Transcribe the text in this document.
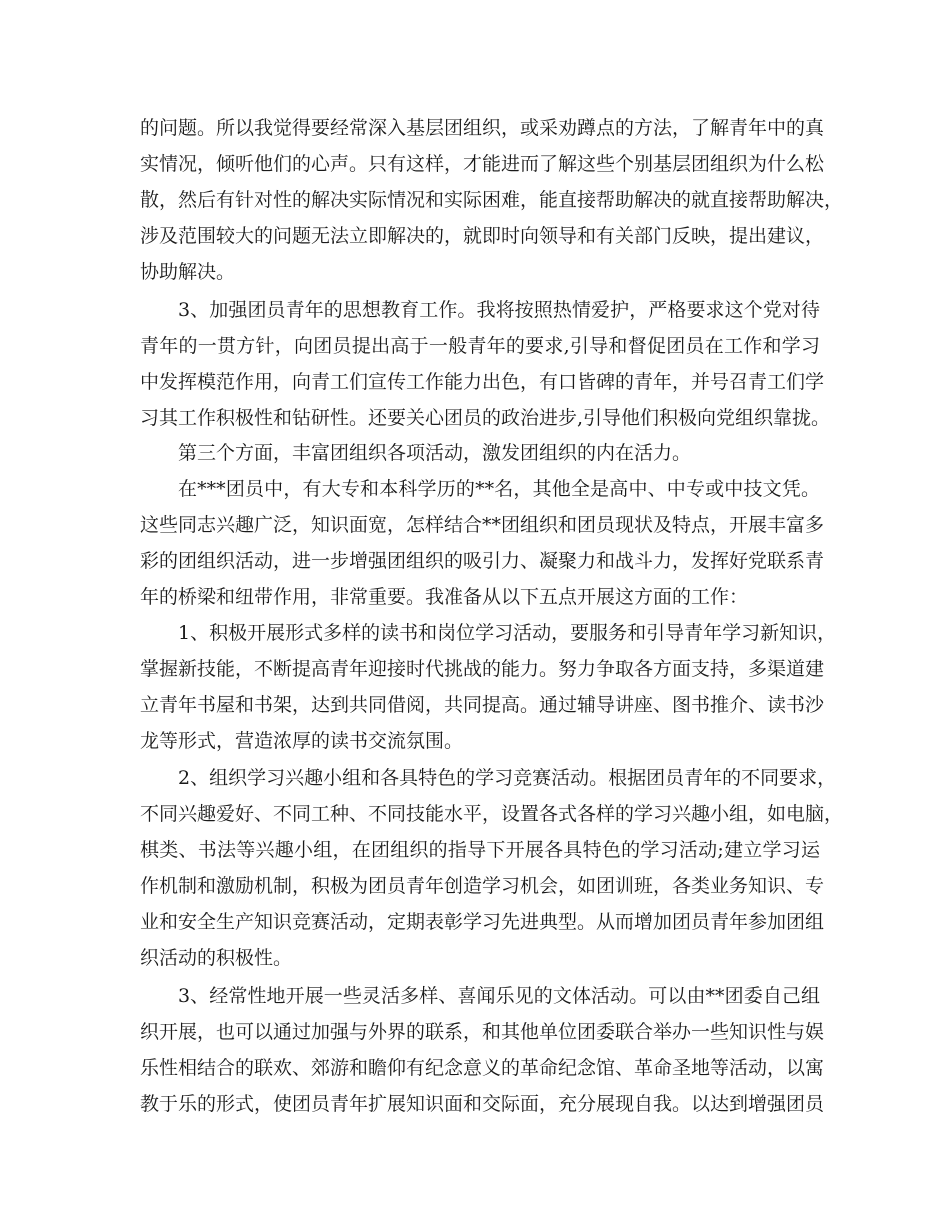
的问题。所以我觉得要经常深入基层团组织，或采劝蹲点的方法，了解青年中的真
实情况，倾听他们的心声。只有这样，才能进而了解这些个别基层团组织为什么松
散，然后有针对性的解决实际情况和实际困难，能直接帮助解决的就直接帮助解决，
涉及范围较大的问题无法立即解决的，就即时向领导和有关部门反映，提出建议，
协助解决。
3、加强团员青年的思想教育工作。我将按照热情爱护，严格要求这个党对待
青年的一贯方针，向团员提出高于一般青年的要求,引导和督促团员在工作和学习
中发挥模范作用，向青工们宣传工作能力出色，有口皆碑的青年，并号召青工们学
习其工作积极性和钻研性。还要关心团员的政治进步,引导他们积极向党组织靠拢。
第三个方面，丰富团组织各项活动，激发团组织的内在活力。
在***团员中，有大专和本科学历的**名，其他全是高中、中专或中技文凭。
这些同志兴趣广泛，知识面宽，怎样结合**团组织和团员现状及特点，开展丰富多
彩的团组织活动，进一步增强团组织的吸引力、凝聚力和战斗力，发挥好党联系青
年的桥梁和纽带作用，非常重要。我准备从以下五点开展这方面的工作：
1、积极开展形式多样的读书和岗位学习活动，要服务和引导青年学习新知识，
掌握新技能，不断提高青年迎接时代挑战的能力。努力争取各方面支持，多渠道建
立青年书屋和书架，达到共同借阅，共同提高。通过辅导讲座、图书推介、读书沙
龙等形式，营造浓厚的读书交流氛围。
2、组织学习兴趣小组和各具特色的学习竞赛活动。根据团员青年的不同要求，
不同兴趣爱好、不同工种、不同技能水平，设置各式各样的学习兴趣小组，如电脑，
棋类、书法等兴趣小组，在团组织的指导下开展各具特色的学习活动;建立学习运
作机制和激励机制，积极为团员青年创造学习机会，如团训班，各类业务知识、专
业和安全生产知识竞赛活动，定期表彰学习先进典型。从而增加团员青年参加团组
织活动的积极性。
3、经常性地开展一些灵活多样、喜闻乐见的文体活动。可以由**团委自己组
织开展，也可以通过加强与外界的联系，和其他单位团委联合举办一些知识性与娱
乐性相结合的联欢、郊游和瞻仰有纪念意义的革命纪念馆、革命圣地等活动，以寓
教于乐的形式，使团员青年扩展知识面和交际面，充分展现自我。以达到增强团员
